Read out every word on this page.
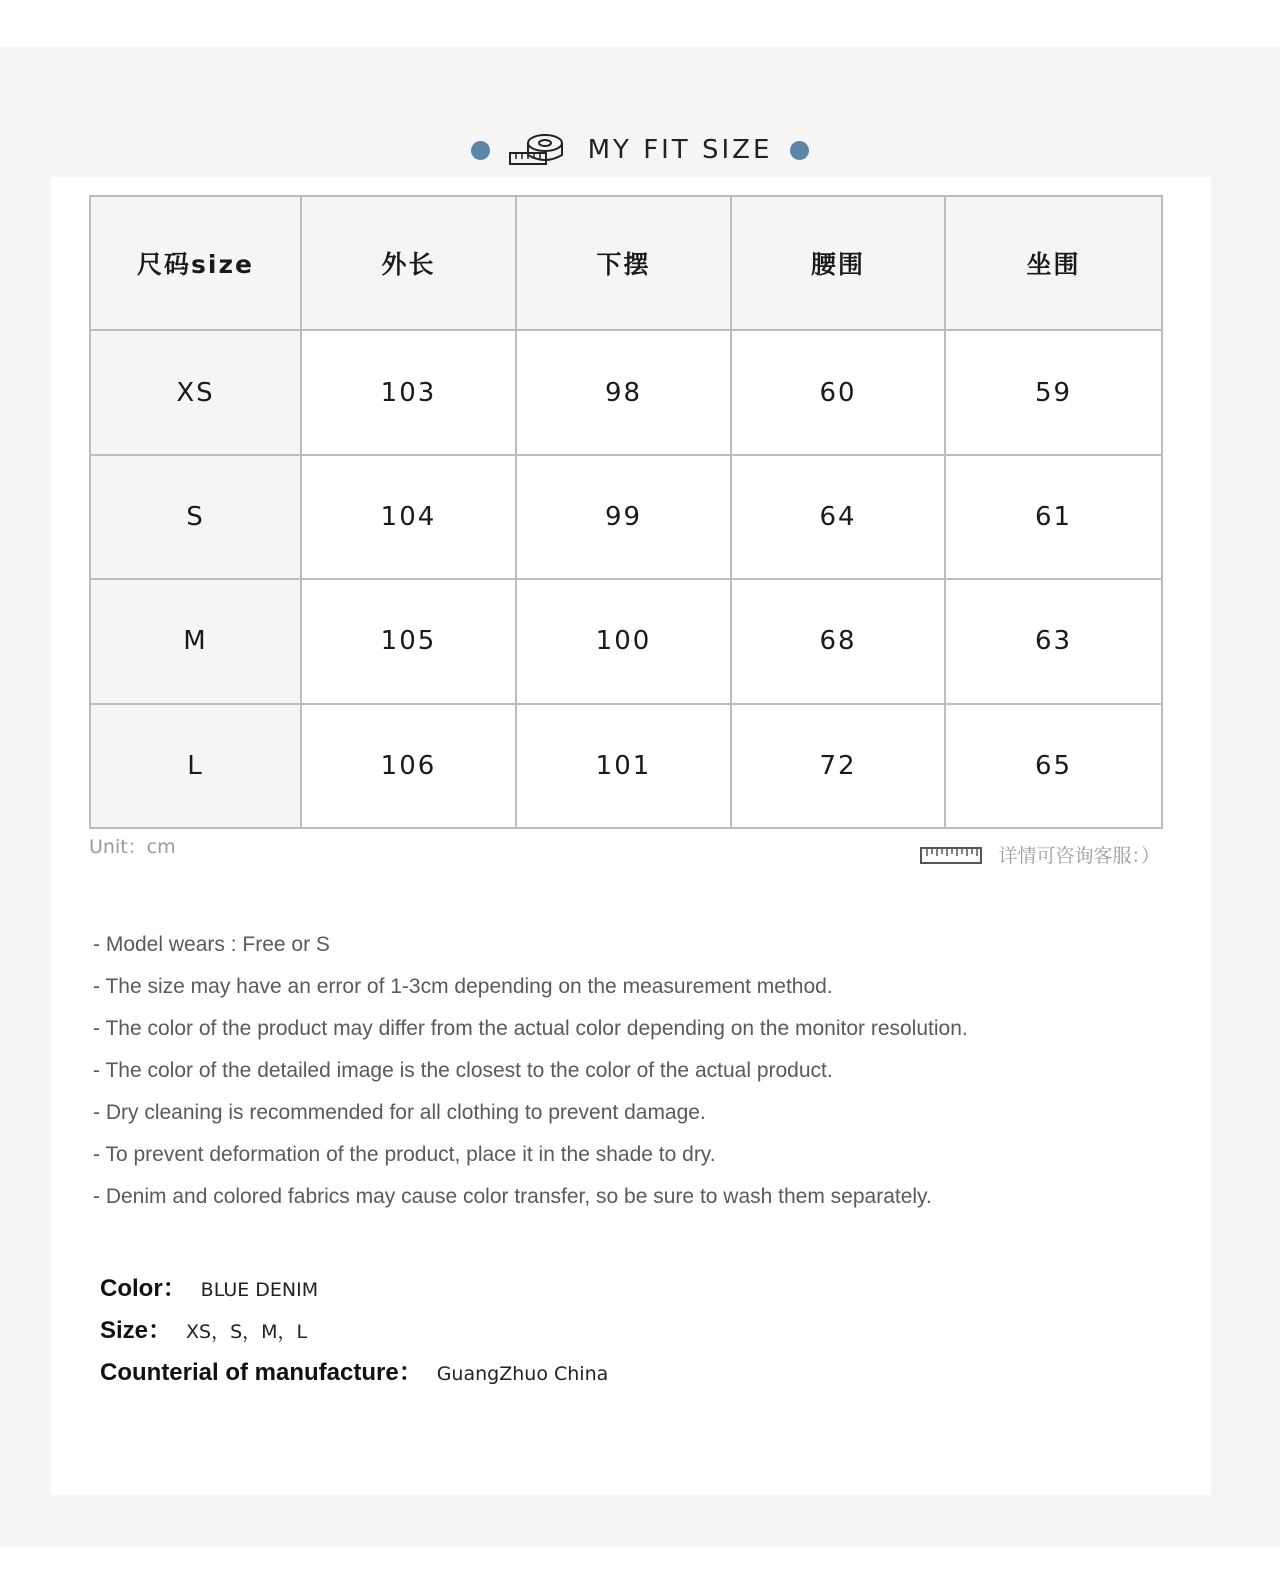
MY FIT SIZE
尺码size	外长	下摆	腰围	坐围
XS	103	98	60	59
S	104	99	64	61
M	105	100	68	63
L	106	101	72	65
Unit：cm	详情可咨询客服：）
- Model wears : Free or S
- The size may have an error of 1-3cm depending on the measurement method.
- The color of the product may differ from the actual color depending on the monitor resolution.
- The color of the detailed image is the closest to the color of the actual product.
- Dry cleaning is recommended for all clothing to prevent damage.
- To prevent deformation of the product, place it in the shade to dry.
- Denim and colored fabrics may cause color transfer, so be sure to wash them separately.
Color： BLUE DENIM
Size： XS，S，M，L
Counterial of manufacture： GuangZhuo China
